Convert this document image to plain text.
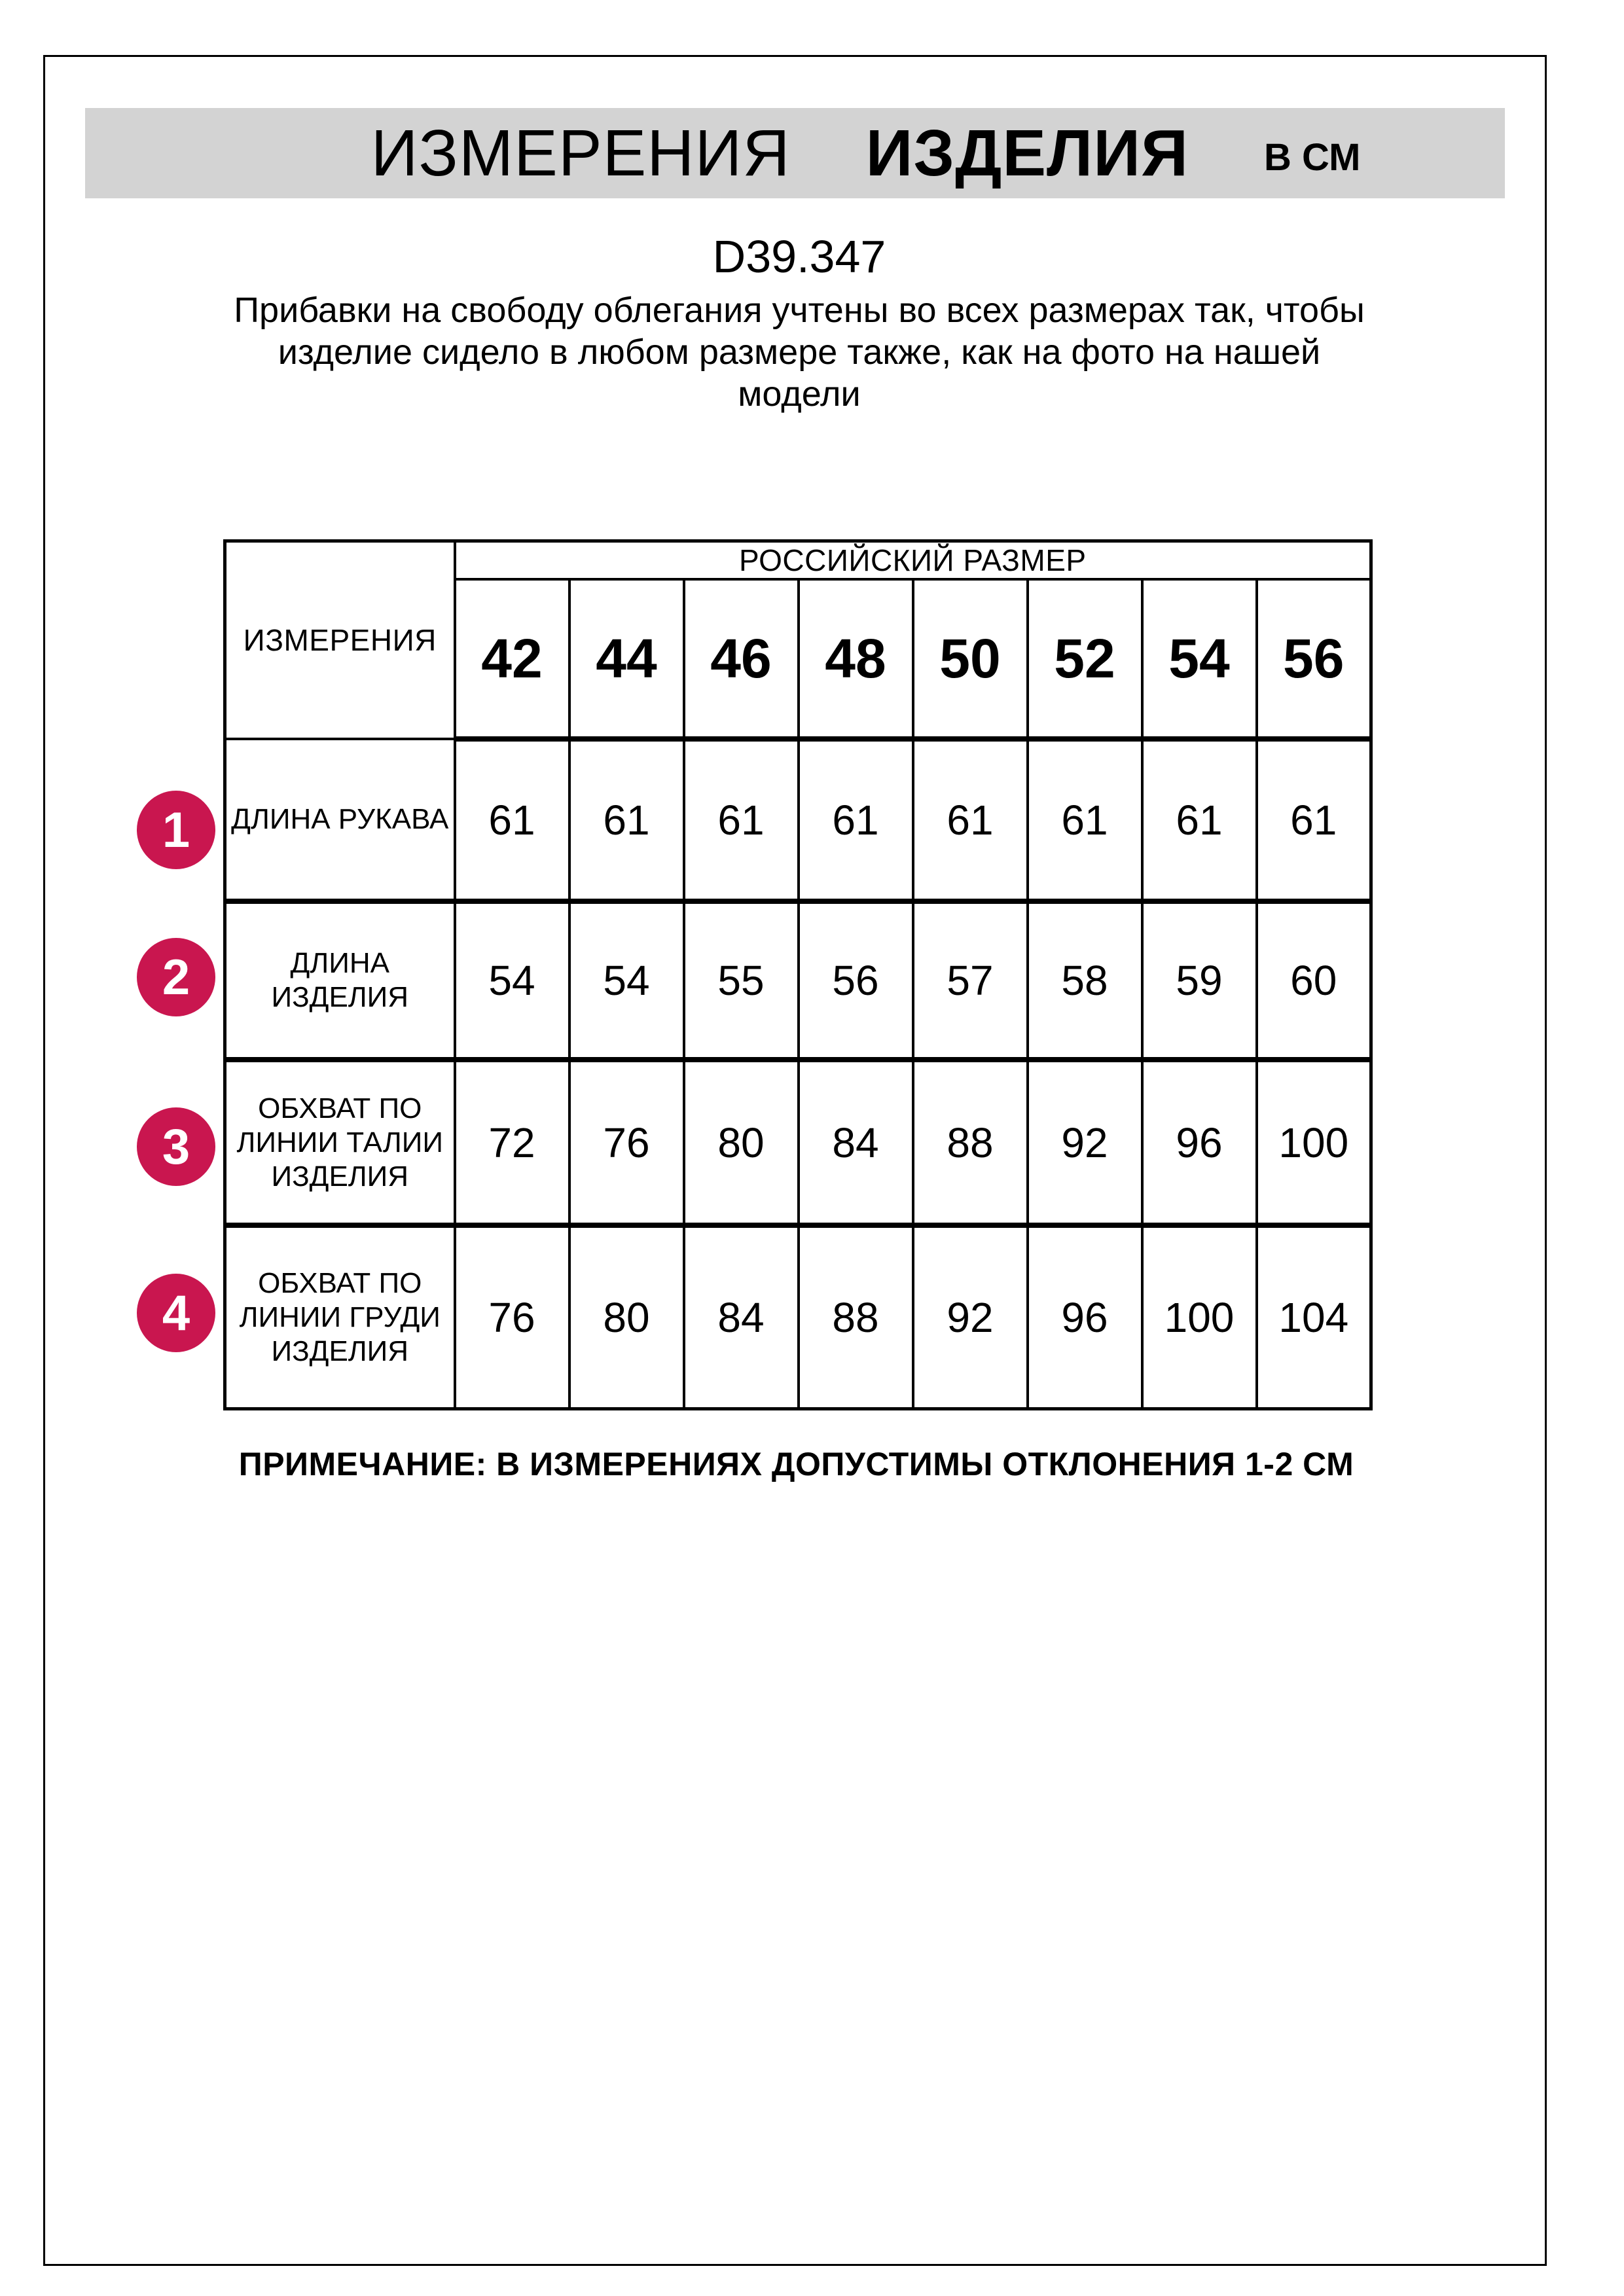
ИЗМЕРЕНИЯ ИЗДЕЛИЯ В СМ
D39.347
Прибавки на свободу облегания учтены во всех размерах так, чтобы
изделие сидело в любом размере также, как на фото на нашей
модели
ИЗМЕРЕНИЯ	РОССИЙСКИЙ РАЗМЕР							
	42	44	46	48	50	52	54	56

ДЛИНА РУКАВА	61	61	61	61	61	61	61	61

ДЛИНА
ИЗДЕЛИЯ	54	54	55	56	57	58	59	60

ОБХВАТ ПО
ЛИНИИ ТАЛИИ
ИЗДЕЛИЯ	72	76	80	84	88	92	96	100

ОБХВАТ ПО
ЛИНИИ ГРУДИ
ИЗДЕЛИЯ	76	80	84	88	92	96	100	104
1
2
3
4
ПРИМЕЧАНИЕ: В ИЗМЕРЕНИЯХ ДОПУСТИМЫ ОТКЛОНЕНИЯ 1-2 СМ
